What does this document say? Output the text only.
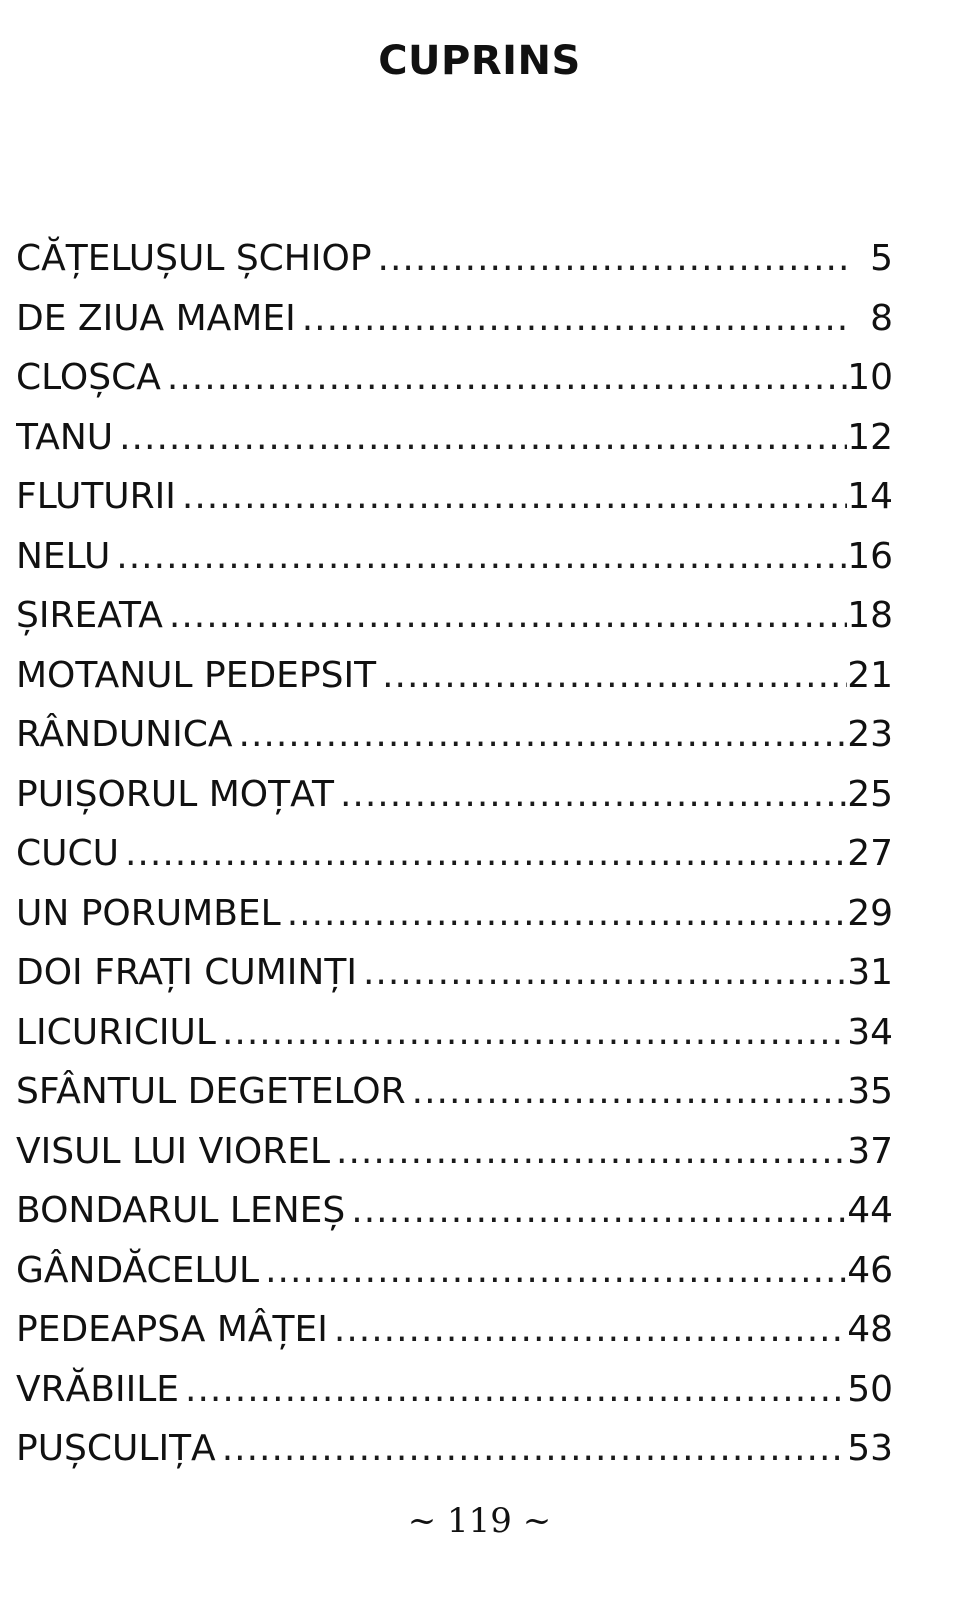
CUPRINS
CĂȚELUȘUL ȘCHIOP .....	5
DE ZIUA MAMEI .....	8
CLOȘCA .....	10
TANU .....	12
FLUTURII .....	14
NELU .....	16
ȘIREATA .....	18
MOTANUL PEDEPSIT .....	21
RÂNDUNICA .....	23
PUIȘORUL MOȚAT .....	25
CUCU .....	27
UN PORUMBEL .....	29
DOI FRAȚI CUMINȚI .....	31
LICURICIUL .....	34
SFÂNTUL DEGETELOR .....	35
VISUL LUI VIOREL .....	37
BONDARUL LENEȘ .....	44
GÂNDĂCELUL .....	46
PEDEAPSA MÂȚEI .....	48
VRĂBIILE .....	50
PUȘCULIȚA .....	53
~ 119 ~
